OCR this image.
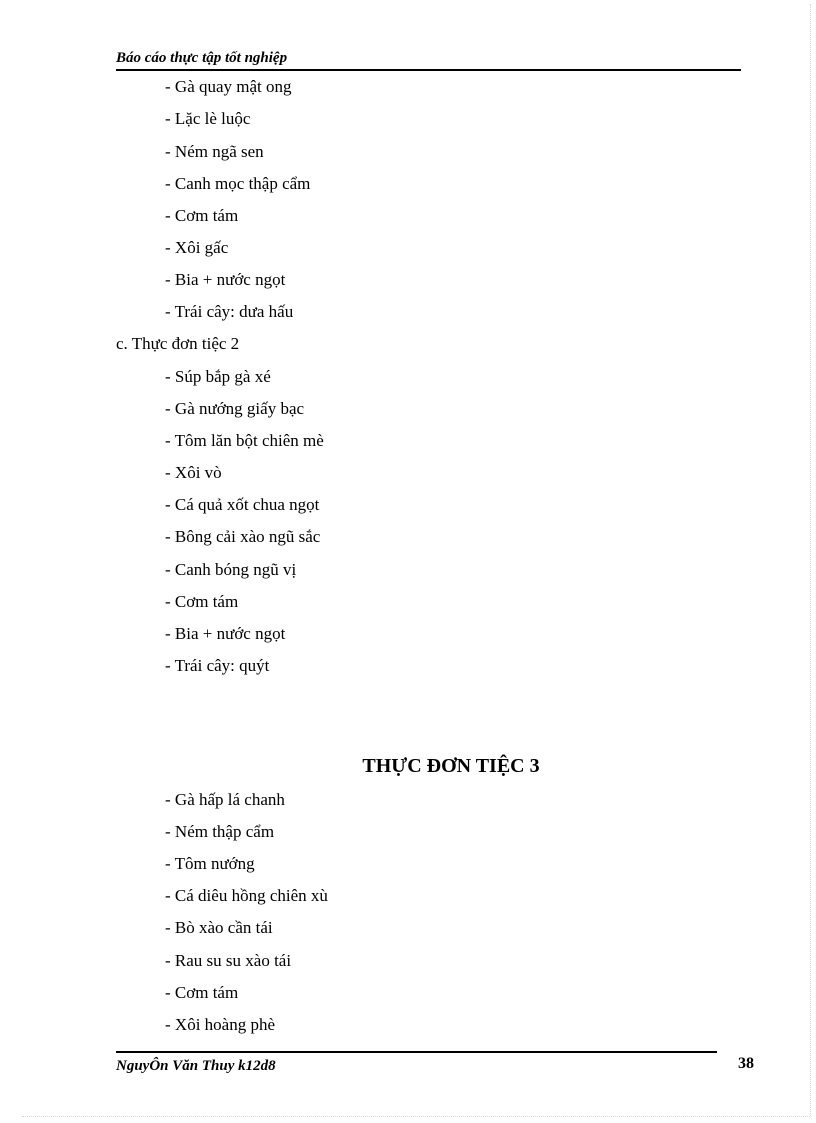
Báo cáo thực tập tốt nghiệp
- Gà quay mật ong
- Lặc lè luộc
- Ném ngã sen
- Canh mọc thập cẩm
- Cơm tám
- Xôi gấc
- Bia + nước ngọt
- Trái cây: dưa hấu
c. Thực đơn tiệc 2
- Súp bắp gà xé
- Gà nướng giấy bạc
- Tôm lăn bột chiên mè
- Xôi vò
- Cá quả xốt chua ngọt
- Bông cải xào ngũ sắc
- Canh bóng ngũ vị
- Cơm tám
- Bia + nước ngọt
- Trái cây: quýt
THỰC ĐƠN TIỆC 3
- Gà hấp lá chanh
- Ném thập cẩm
- Tôm nướng
- Cá diêu hồng chiên xù
- Bò xào cần tái
- Rau su su xào tái
- Cơm tám
- Xôi hoàng phè
NguyÔn Văn Thuy k12d8	38
